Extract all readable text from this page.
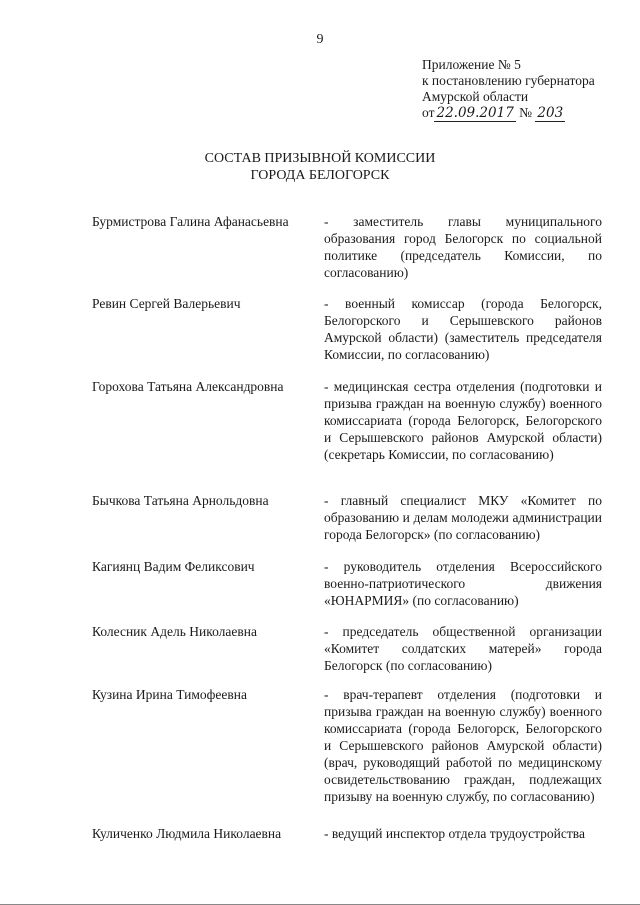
9
Приложение № 5
к постановлению губернатора
Амурской области
от 22.09.2017 № 203
СОСТАВ ПРИЗЫВНОЙ КОМИССИИ
ГОРОДА БЕЛОГОРСК
Бурмистрова Галина Афанасьевна	- заместитель главы муниципального образования город Белогорск по социальной политике (председатель Комиссии, по согласованию)
Ревин Сергей Валерьевич	- военный комиссар (города Белогорск, Белогорского и Серышевского районов Амурской области) (заместитель председателя Комиссии, по согласованию)
Горохова Татьяна Александровна	- медицинская сестра отделения (подготовки и призыва граждан на военную службу) военного комиссариата (города Белогорск, Белогорского и Серышевского районов Амурской области) (секретарь Комиссии, по согласованию)
Бычкова Татьяна Арнольдовна	- главный специалист МКУ «Комитет по образованию и делам молодежи администрации города Белогорск» (по согласованию)
Кагиянц Вадим Феликсович	- руководитель отделения Всероссийского военно-патриотического движения «ЮНАРМИЯ» (по согласованию)
Колесник Адель Николаевна	- председатель общественной организации «Комитет солдатских матерей» города Белогорск (по согласованию)
Кузина Ирина Тимофеевна	- врач-терапевт отделения (подготовки и призыва граждан на военную службу) военного комиссариата (города Белогорск, Белогорского и Серышевского районов Амурской области) (врач, руководящий работой по медицинскому освидетельствованию граждан, подлежащих призыву на военную службу, по согласованию)
Куличенко Людмила Николаевна	- ведущий инспектор отдела трудоустройства
